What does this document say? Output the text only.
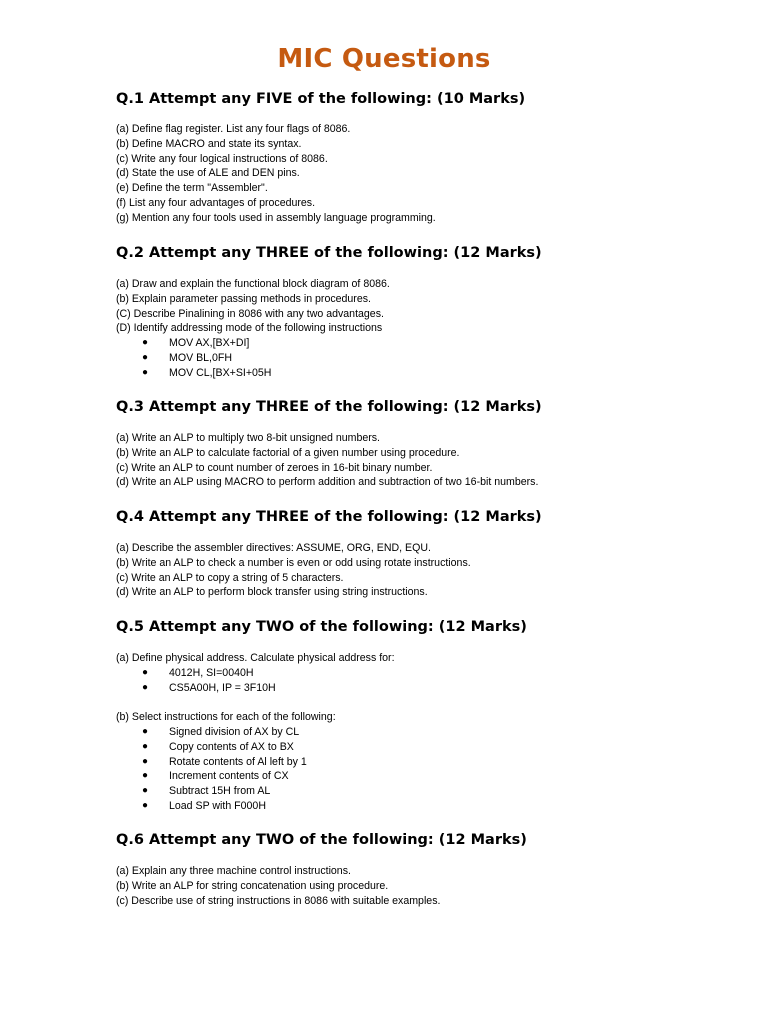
MIC Questions
Q.1 Attempt any FIVE of the following: (10 Marks)
(a) Define flag register. List any four flags of 8086.
(b) Define MACRO and state its syntax.
(c) Write any four logical instructions of 8086.
(d) State the use of ALE and DEN pins.
(e) Define the term "Assembler".
(f) List any four advantages of procedures.
(g) Mention any four tools used in assembly language programming.
Q.2 Attempt any THREE of the following: (12 Marks)
(a) Draw and explain the functional block diagram of 8086.
(b) Explain parameter passing methods in procedures.
(C) Describe Pinalining in 8086 with any two advantages.
(D) Identify addressing mode of the following instructions
● MOV AX,[BX+DI]
● MOV BL,0FH
● MOV CL,[BX+SI+05H
Q.3 Attempt any THREE of the following: (12 Marks)
(a) Write an ALP to multiply two 8-bit unsigned numbers.
(b) Write an ALP to calculate factorial of a given number using procedure.
(c) Write an ALP to count number of zeroes in 16-bit binary number.
(d) Write an ALP using MACRO to perform addition and subtraction of two 16-bit numbers.
Q.4 Attempt any THREE of the following: (12 Marks)
(a) Describe the assembler directives: ASSUME, ORG, END, EQU.
(b) Write an ALP to check a number is even or odd using rotate instructions.
(c) Write an ALP to copy a string of 5 characters.
(d) Write an ALP to perform block transfer using string instructions.
Q.5 Attempt any TWO of the following: (12 Marks)
(a) Define physical address. Calculate physical address for:
● 4012H, SI=0040H
● CS5A00H, IP = 3F10H
(b) Select instructions for each of the following:
● Signed division of AX by CL
● Copy contents of AX to BX
● Rotate contents of Al left by 1
● Increment contents of CX
● Subtract 15H from AL
● Load SP with F000H
Q.6 Attempt any TWO of the following: (12 Marks)
(a) Explain any three machine control instructions.
(b) Write an ALP for string concatenation using procedure.
(c) Describe use of string instructions in 8086 with suitable examples.
